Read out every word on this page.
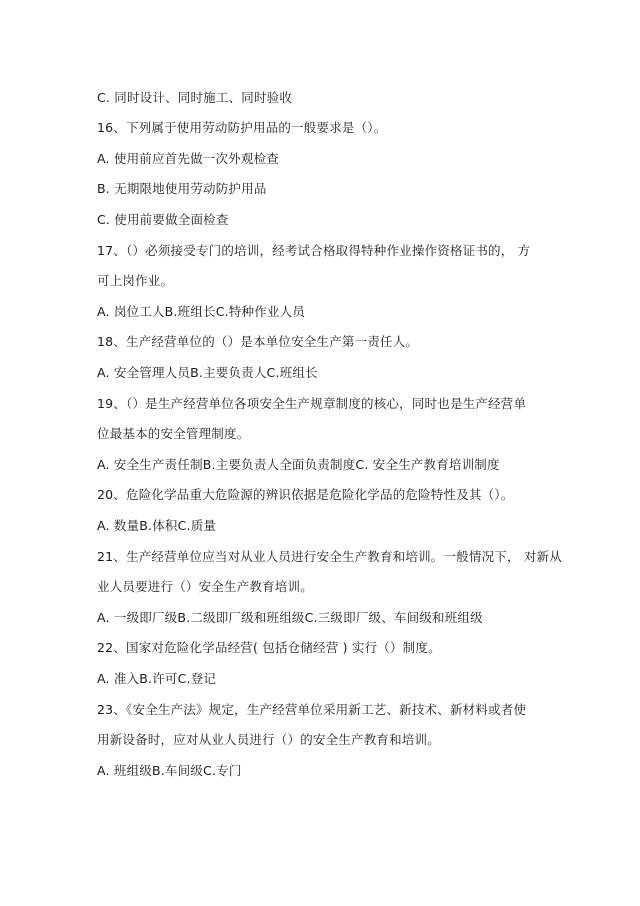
C. 同时设计、同时施工、同时验收

16、下列属于使用劳动防护用品的一般要求是（）。

A. 使用前应首先做一次外观检查

B. 无期限地使用劳动防护用品

C. 使用前要做全面检查

17、（）必须接受专门的培训，经考试合格取得特种作业操作资格证书的， 方

可上岗作业。

A. 岗位工人B.班组长C.特种作业人员

18、生产经营单位的（）是本单位安全生产第一责任人。

A. 安全管理人员B.主要负责人C.班组长

19、（）是生产经营单位各项安全生产规章制度的核心，同时也是生产经营单

位最基本的安全管理制度。

A. 安全生产责任制B.主要负责人全面负责制度C. 安全生产教育培训制度

20、危险化学品重大危险源的辨识依据是危险化学品的危险特性及其（）。

A. 数量B.体积C.质量

21、生产经营单位应当对从业人员进行安全生产教育和培训。一般情况下， 对新从

业人员要进行（）安全生产教育培训。

A. 一级即厂级B.二级即厂级和班组级C.三级即厂级、车间级和班组级

22、国家对危险化学品经营( 包括仓储经营 ) 实行（）制度。

A. 准入B.许可C.登记

23、《安全生产法》规定，生产经营单位采用新工艺、新技术、新材料或者使

用新设备时，应对从业人员进行（）的安全生产教育和培训。

A. 班组级B.车间级C.专门
